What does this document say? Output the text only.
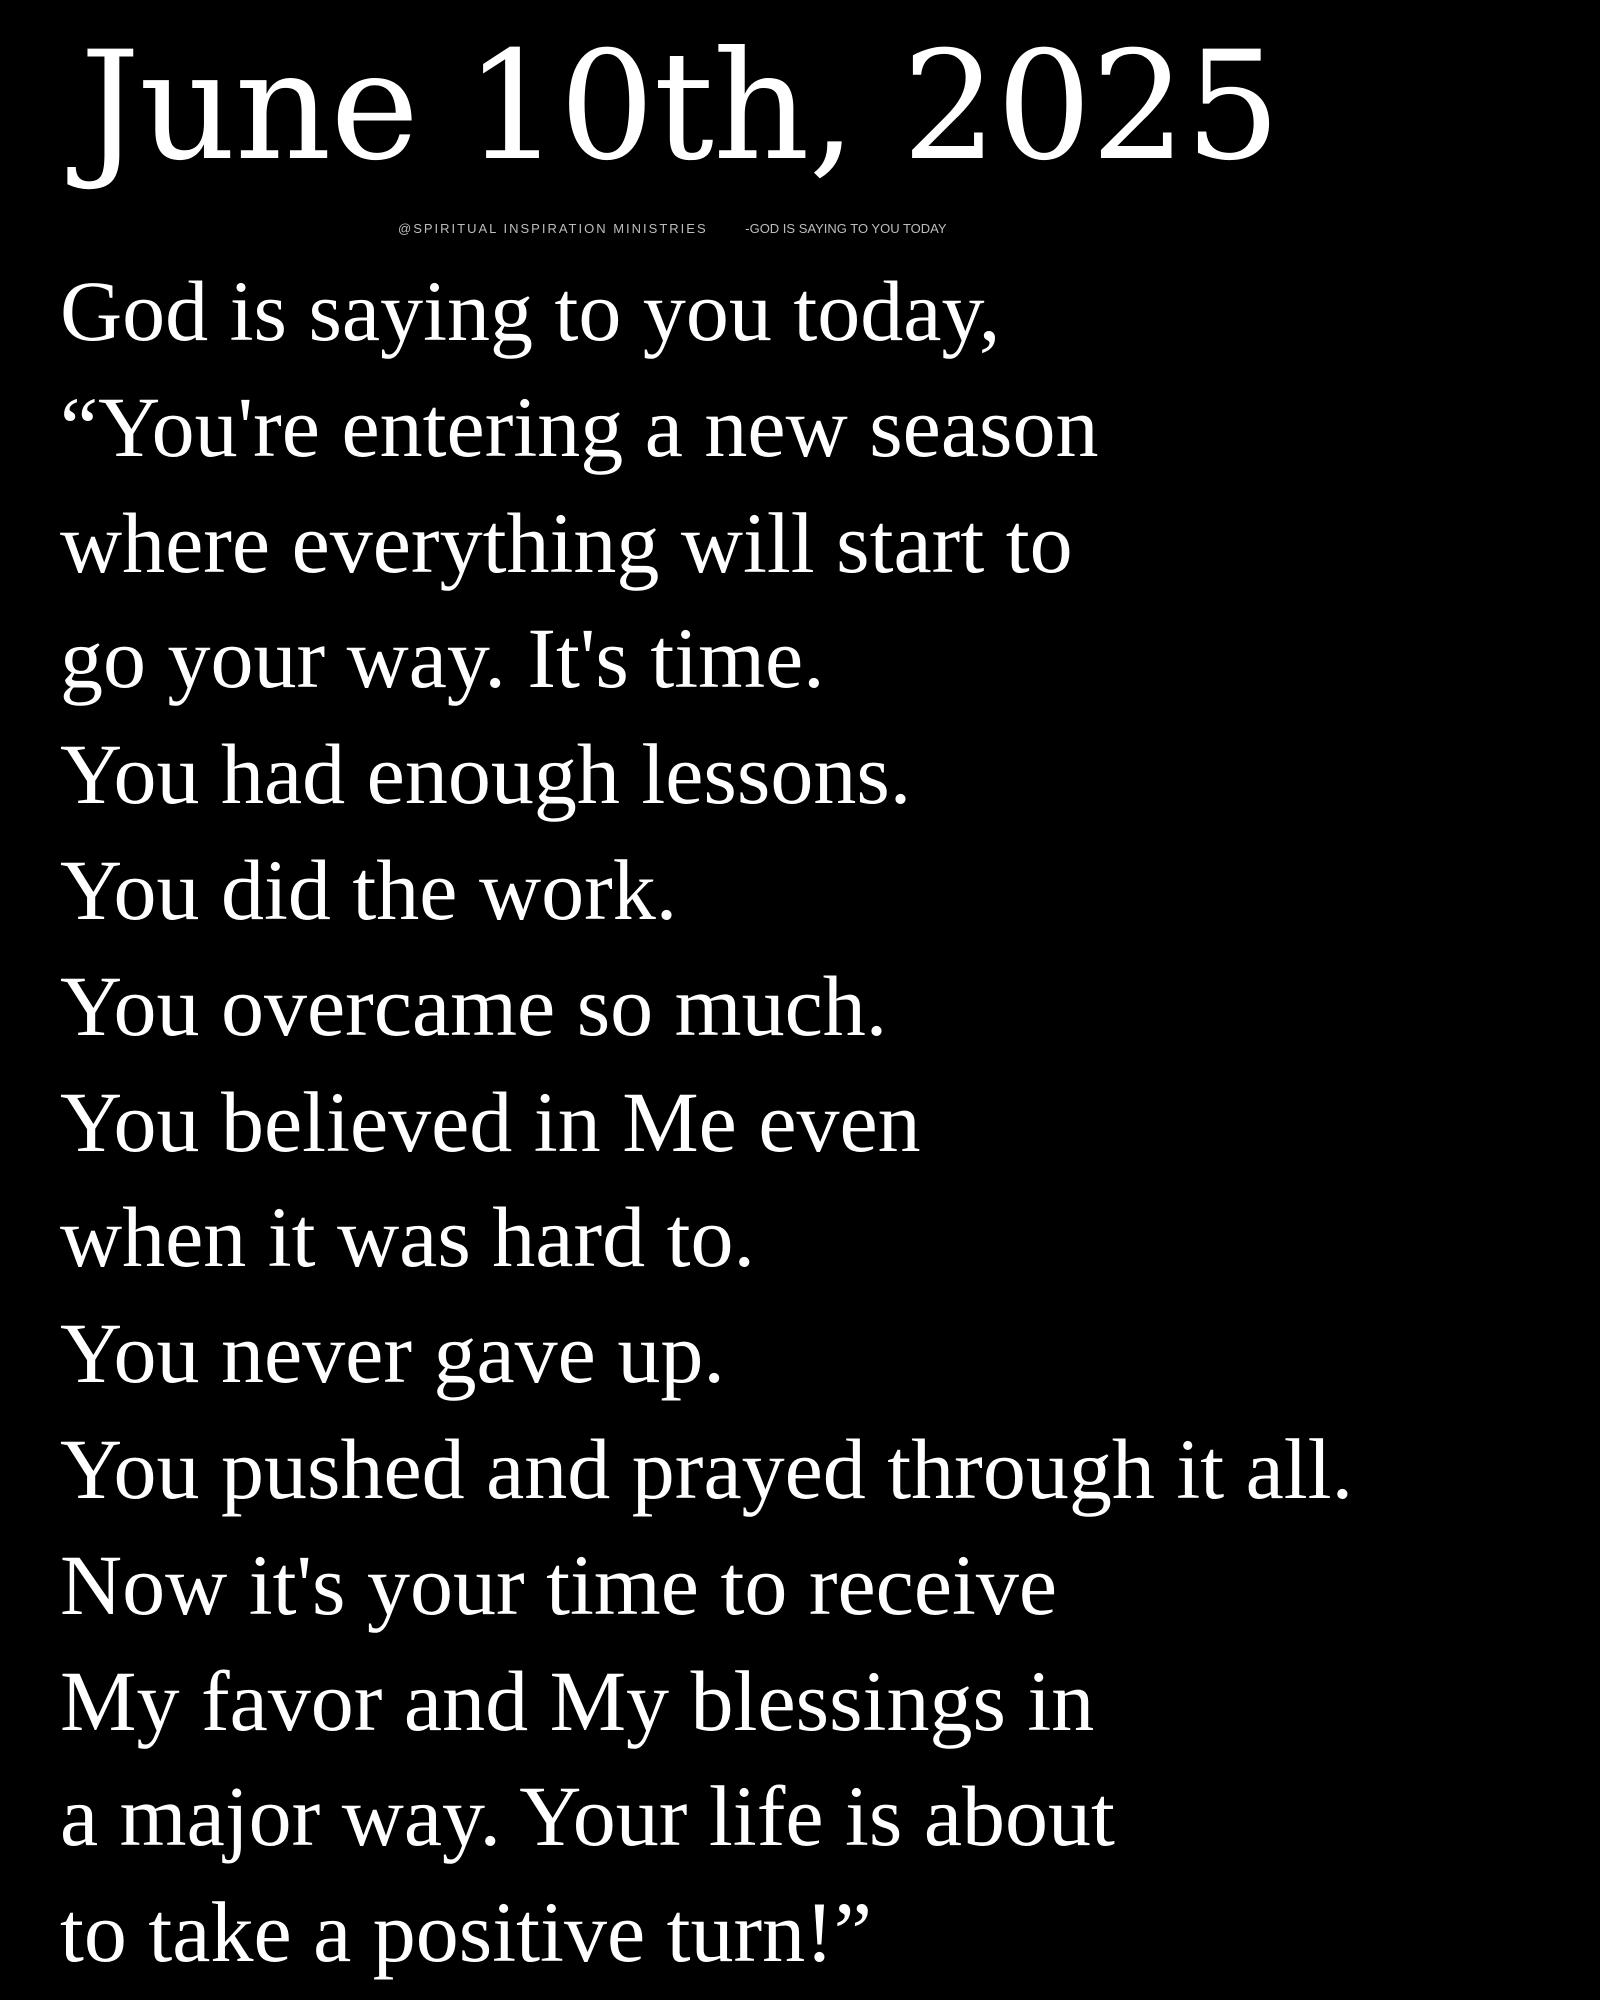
June 10th, 2025
@SPIRITUAL INSPIRATION MINISTRIES	-GOD IS SAYING TO YOU TODAY
God is saying to you today,
“You're entering a new season
where everything will start to
go your way. It's time.
You had enough lessons.
You did the work.
You overcame so much.
You believed in Me even
when it was hard to.
You never gave up.
You pushed and prayed through it all.
Now it's your time to receive
My favor and My blessings in
a major way. Your life is about
to take a positive turn!”
